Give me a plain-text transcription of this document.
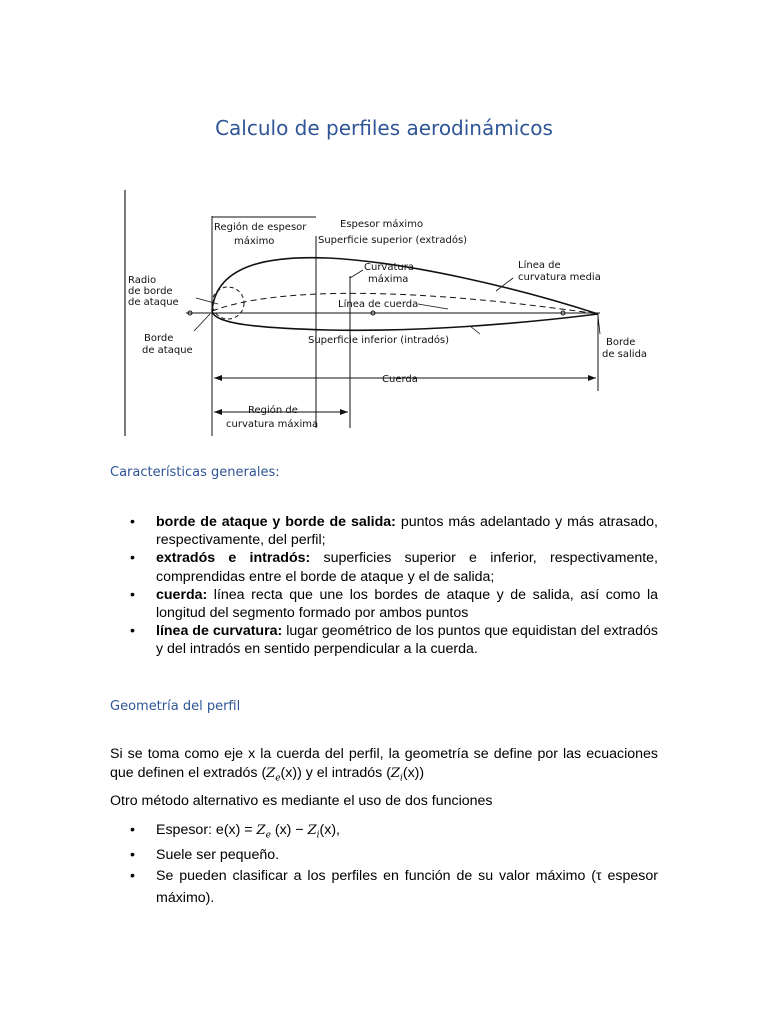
Calculo de perfiles aerodinámicos
Región de espesor
máximo
Espesor máximo
Superficie superior (extradós)
Radio
de borde
de ataque
Curvatura
máxima
Línea de
curvatura media
Línea de cuerda
Borde
de ataque
Superficie inferior (intradós)	Borde
de salida
Cuerda
Región de
curvatura máxima
Características generales:
• borde de ataque y borde de salida: puntos más adelantado y más atrasado, respectivamente, del perfil;
• extradós e intradós: superficies superior e inferior, respectivamente, comprendidas entre el borde de ataque y el de salida;
• cuerda: línea recta que une los bordes de ataque y de salida, así como la longitud del segmento formado por ambos puntos
• línea de curvatura: lugar geométrico de los puntos que equidistan del extradós y del intradós en sentido perpendicular a la cuerda.
Geometría del perfil

Si se toma como eje x la cuerda del perfil, la geometría se define por las ecuaciones que definen el extradós $(Z_e(x))$ y el intradós $(Z_i(x))$

Otro método alternativo es mediante el uso de dos funciones

• Espesor: $e(x) = Z_e$ $(x) - Z_i(x)$,
• Suele ser pequeño.
• Se pueden clasificar a los perfiles en función de su valor máximo (τ espesor máximo).
